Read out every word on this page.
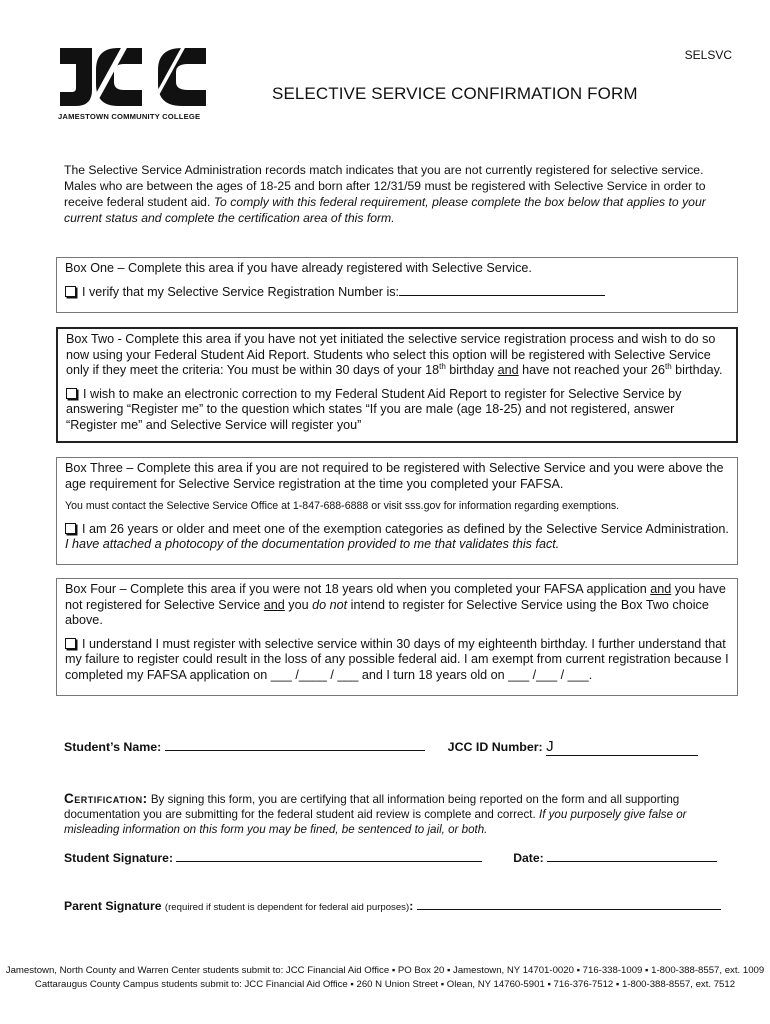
SELSVC
JAMESTOWN COMMUNITY COLLEGE
SELECTIVE SERVICE CONFIRMATION FORM
The Selective Service Administration records match indicates that you are not currently registered for selective service. Males who are between the ages of 18-25 and born after 12/31/59 must be registered with Selective Service in order to receive federal student aid. To comply with this federal requirement, please complete the box below that applies to your current status and complete the certification area of this form.

Box One – Complete this area if you have already registered with Selective Service.

I verify that my Selective Service Registration Number is:

Box Two - Complete this area if you have not yet initiated the selective service registration process and wish to do so now using your Federal Student Aid Report. Students who select this option will be registered with Selective Service only if they meet the criteria: You must be within 30 days of your 18th birthday and have not reached your 26th birthday.

I wish to make an electronic correction to my Federal Student Aid Report to register for Selective Service by answering “Register me” to the question which states “If you are male (age 18-25) and not registered, answer “Register me” and Selective Service will register you”

Box Three – Complete this area if you are not required to be registered with Selective Service and you were above the age requirement for Selective Service registration at the time you completed your FAFSA.

You must contact the Selective Service Office at 1-847-688-6888 or visit sss.gov for information regarding exemptions.

I am 26 years or older and meet one of the exemption categories as defined by the Selective Service Administration. I have attached a photocopy of the documentation provided to me that validates this fact.

Box Four – Complete this area if you were not 18 years old when you completed your FAFSA application and you have not registered for Selective Service and you do not intend to register for Selective Service using the Box Two choice above.

I understand I must register with selective service within 30 days of my eighteenth birthday. I further understand that my failure to register could result in the loss of any possible federal aid. I am exempt from current registration because I completed my FAFSA application on ___ /____ / ___ and I turn 18 years old on ___ /___ / ___.

Student’s Name:	JCC ID Number: J
Certification: By signing this form, you are certifying that all information being reported on the form and all supporting documentation you are submitting for the federal student aid review is complete and correct. If you purposely give false or misleading information on this form you may be fined, be sentenced to jail, or both.
Student Signature:	Date:
Parent Signature (required if student is dependent for federal aid purposes):
Jamestown, North County and Warren Center students submit to: JCC Financial Aid Office ▪ PO Box 20 ▪ Jamestown, NY 14701-0020 ▪ 716-338-1009 ▪ 1-800-388-8557, ext. 1009
Cattaraugus County Campus students submit to: JCC Financial Aid Office ▪ 260 N Union Street ▪ Olean, NY 14760-5901 ▪ 716-376-7512 ▪ 1-800-388-8557, ext. 7512
